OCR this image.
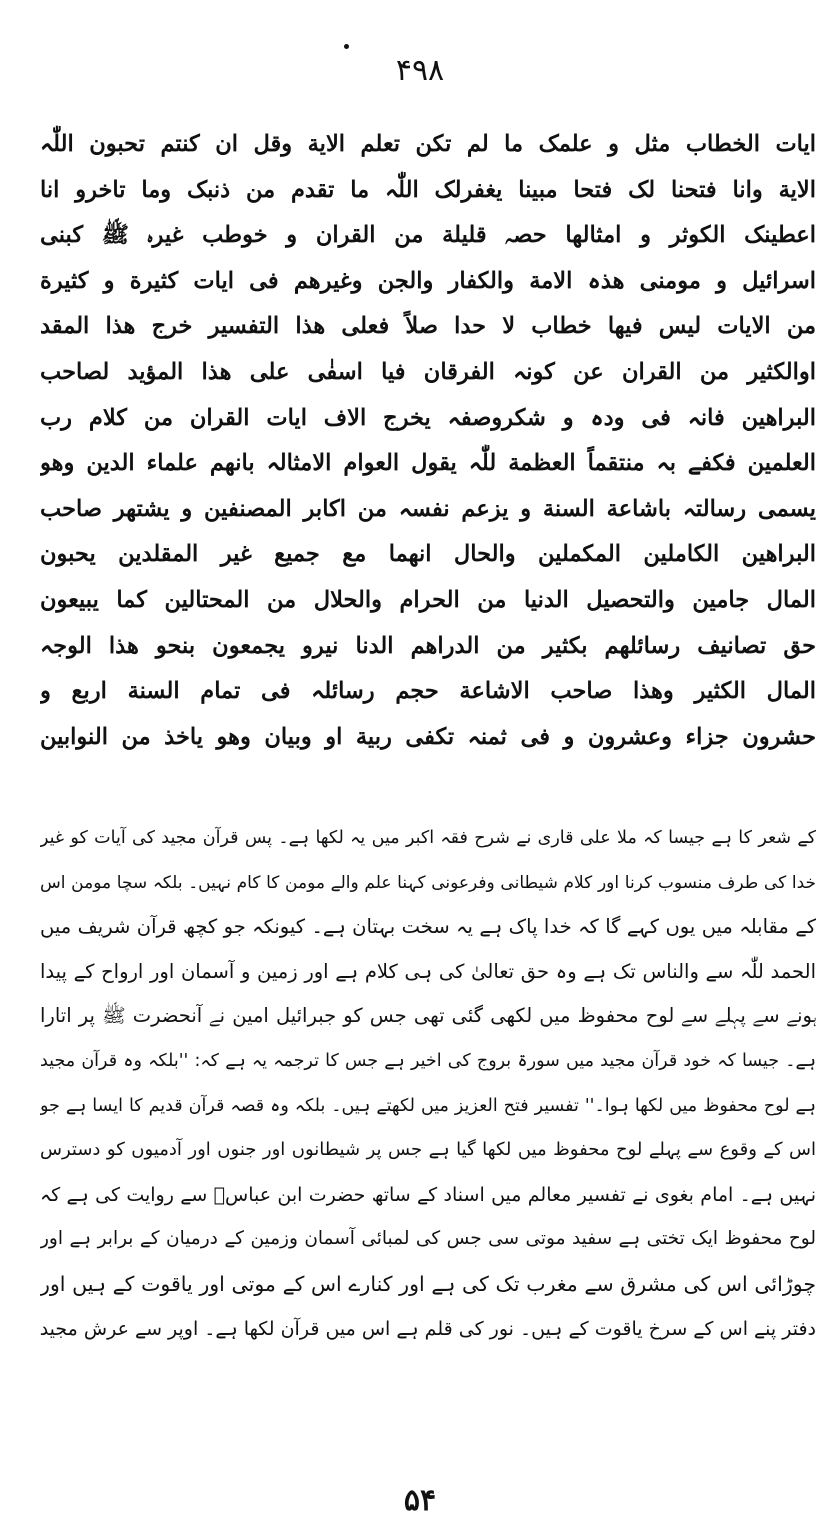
۴۹۸
ایات الخطاب مثل و علمک ما لم تکن تعلم الایة وقل ان کنتم تحبون اللّٰہ
الایة وانا فتحنا لک فتحا مبینا یغفرلک اللّٰہ ما تقدم من ذنبک وما تاخرو انا
اعطینک الکوثر و امثالھا حصہ قلیلة من القران و خوطب غیرہ ﷺ کبنی
اسرائیل و مومنی ھذہ الامة والکفار والجن وغیرھم فی ایات کثیرة و کثیرة
من الایات لیس فیھا خطاب لا حدا صلاً فعلی ھذا التفسیر خرج ھذا المقد
اوالکثیر من القران عن کونہ الفرقان فیا اسفٰی علی ھذا المؤید لصاحب
البراھین فانہ فی ودہ و شکروصفہ یخرج الاف ایات القران من کلام رب
العلمین فکفے بہ منتقماً العظمة للّٰہ یقول العوام الامثالہ بانھم علماء الدین وھو
یسمی رسالتہ باشاعة السنة و یزعم نفسہ من اکابر المصنفین و یشتھر صاحب
البراھین الکاملین المکملین والحال انھما مع جمیع غیر المقلدین یحبون
المال جامین والتحصیل الدنیا من الحرام والحلال من المحتالین کما یبیعون
حق تصانیف رسائلھم بکثیر من الدراھم الدنا نیرو یجمعون بنحو ھذا الوجہ
المال الکثیر وھذا صاحب الاشاعة حجم رسائلہ فی تمام السنة اربع و
حشرون جزاء وعشرون و فی ثمنہ تکفی ربیة او وبیان وھو یاخذ من النوابین
کے شعر کا ہے جیسا کہ ملا علی قاری نے شرح فقہ اکبر میں یہ لکھا ہے۔ پس قرآن مجید کی آیات کو غیر
خدا کی طرف منسوب کرنا اور کلام شیطانی وفرعونی کہنا علم والے مومن کا کام نہیں۔ بلکہ سچا مومن اس
کے مقابلہ میں یوں کہے گا کہ خدا پاک ہے یہ سخت بہتان ہے۔ کیونکہ جو کچھ قرآن شریف میں
الحمد للّٰہ سے والناس تک ہے وہ حق تعالیٰ کی ہی کلام ہے اور زمین و آسمان اور ارواح کے پیدا
ہونے سے پہلے سے لوح محفوظ میں لکھی گئی تھی جس کو جبرائیل امین نے آنحضرت ﷺ پر اتارا
ہے۔ جیسا کہ خود قرآن مجید میں سورۃ بروج کی اخیر ہے جس کا ترجمہ یہ ہے کہ: ''بلکہ وہ قرآن مجید
ہے لوح محفوظ میں لکھا ہوا۔'' تفسیر فتح العزیز میں لکھتے ہیں۔ بلکہ وہ قصہ قرآن قدیم کا ایسا ہے جو
اس کے وقوع سے پہلے لوح محفوظ میں لکھا گیا ہے جس پر شیطانوں اور جنوں اور آدمیوں کو دسترس
نہیں ہے۔ امام بغوی نے تفسیر معالم میں اسناد کے ساتھ حضرت ابن عباسؓ سے روایت کی ہے کہ
لوح محفوظ ایک تختی ہے سفید موتی سی جس کی لمبائی آسمان وزمین کے درمیان کے برابر ہے اور
چوڑائی اس کی مشرق سے مغرب تک کی ہے اور کنارے اس کے موتی اور یاقوت کے ہیں اور
دفتر پنے اس کے سرخ یاقوت کے ہیں۔ نور کی قلم ہے اس میں قرآن لکھا ہے۔ اوپر سے عرش مجید
۵۴
